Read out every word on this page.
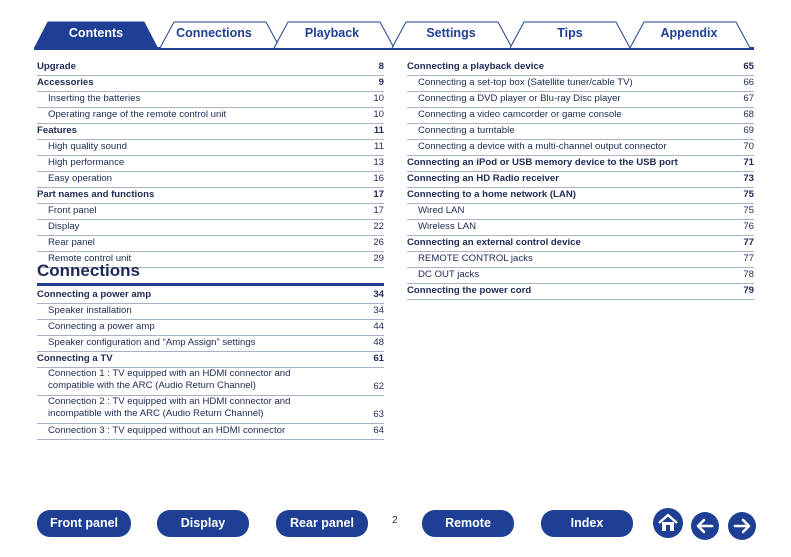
Contents	Connections	Playback	Settings	Tips	Appendix
Upgrade	8
Accessories	9
Inserting the batteries	10
Operating range of the remote control unit	10
Features	11
High quality sound	11
High performance	13
Easy operation	16
Part names and functions	17
Front panel	17
Display	22
Rear panel	26
Remote control unit	29
Connections
Connecting a power amp	34
Speaker installation	34
Connecting a power amp	44
Speaker configuration and “Amp Assign” settings	48
Connecting a TV	61
Connection 1 : TV equipped with an HDMI connector and compatible with the ARC (Audio Return Channel)	62
Connection 2 : TV equipped with an HDMI connector and incompatible with the ARC (Audio Return Channel)	63
Connection 3 : TV equipped without an HDMI connector	64
Connecting a playback device	65
Connecting a set-top box (Satellite tuner/cable TV)	66
Connecting a DVD player or Blu-ray Disc player	67
Connecting a video camcorder or game console	68
Connecting a turntable	69
Connecting a device with a multi-channel output connector	70
Connecting an iPod or USB memory device to the USB port	71
Connecting an HD Radio receiver	73
Connecting to a home network (LAN)	75
Wired LAN	75
Wireless LAN	76
Connecting an external control device	77
REMOTE CONTROL jacks	77
DC OUT jacks	78
Connecting the power cord	79
Front panel	Display	Rear panel	2	Remote	Index
